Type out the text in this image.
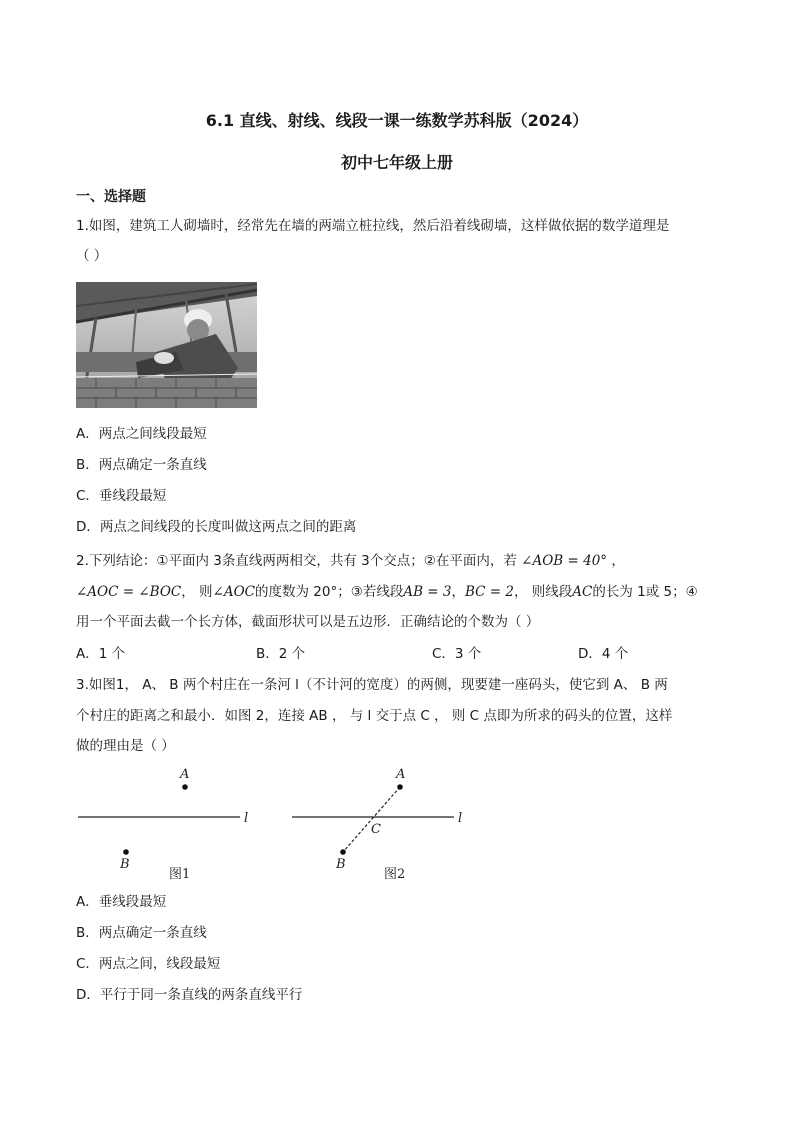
6.1 直线、射线、线段一课一练数学苏科版（2024）
初中七年级上册
一、选择题
1.如图，建筑工人砌墙时，经常先在墙的两端立桩拉线，然后沿着线砌墙，这样做依据的数学道理是
（ ）
A．两点之间线段最短
B．两点确定一条直线
C．垂线段最短
D．两点之间线段的长度叫做这两点之间的距离
2.下列结论：①平面内 3条直线两两相交，共有 3个交点；②在平面内，若 ∠AOB = 40° ，
∠AOC = ∠BOC， 则∠AOC的度数为 20°；③若线段AB = 3，BC = 2， 则线段AC的长为 1或 5；④
用一个平面去截一个长方体，截面形状可以是五边形．正确结论的个数为（ ）
A．1 个	B．2 个	C．3 个	D．4 个
3.如图1， A、 B 两个村庄在一条河 l（不计河的宽度）的两侧，现要建一座码头，使它到 A、 B 两
个村庄的距离之和最小．如图 2，连接 AB ， 与 l 交于点 C ， 则 C 点即为所求的码头的位置，这样
做的理由是（ ）
A
B
l
图1
A
B
C
l
图2
A．垂线段最短
B．两点确定一条直线
C．两点之间，线段最短
D．平行于同一条直线的两条直线平行
